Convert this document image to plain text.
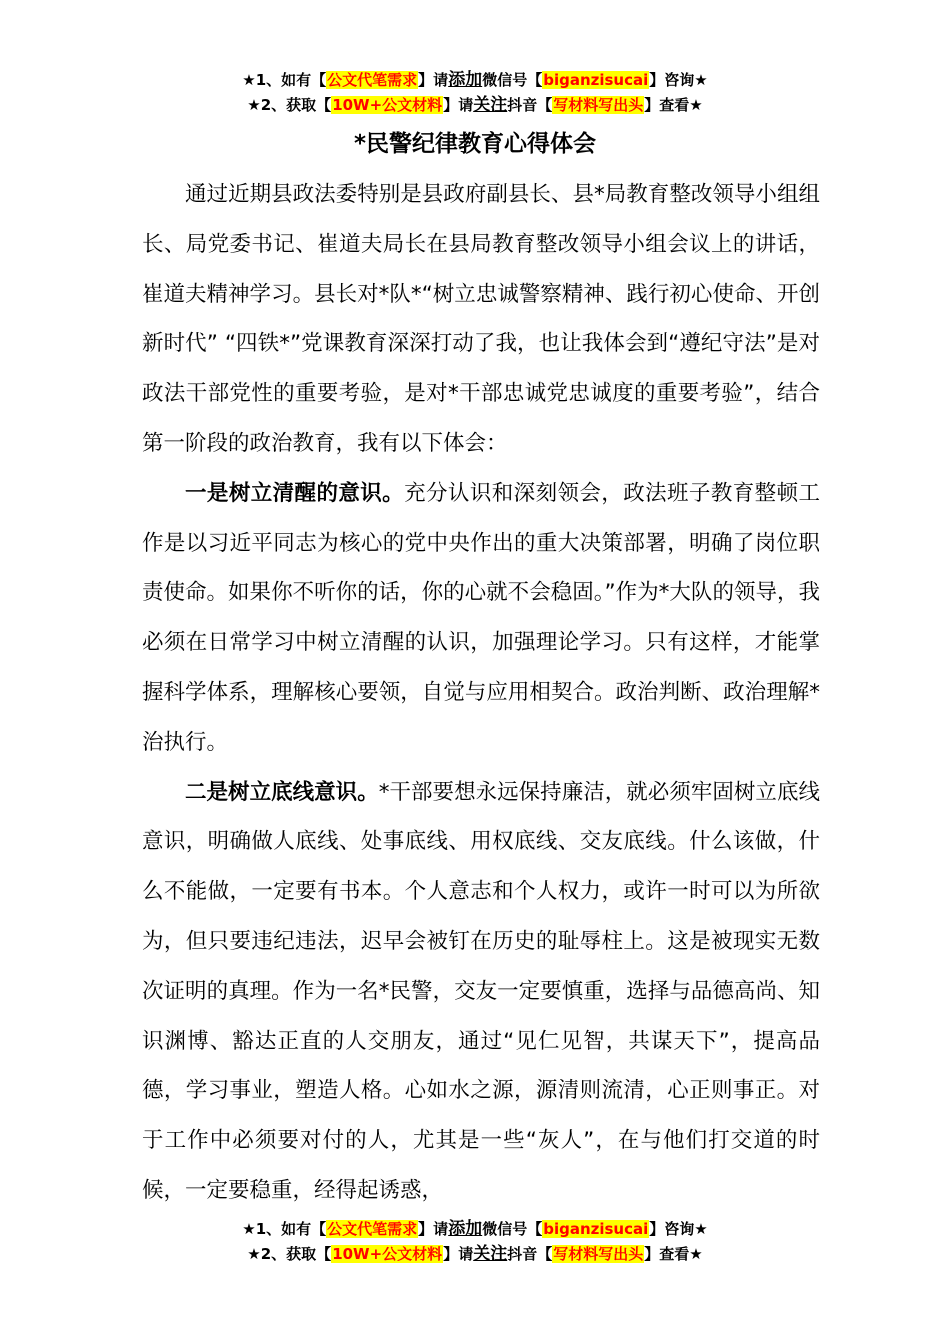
★1、如有【公文代笔需求】请添加微信号【biganzisucai】咨询★
★2、获取【10W+公文材料】请关注抖音【写材料写出头】查看★
*民警纪律教育心得体会

通过近期县政法委特别是县政府副县长、县*局教育整改领导小组组长、局党委书记、崔道夫局长在县局教育整改领导小组会议上的讲话，崔道夫精神学习。县长对*队*“树立忠诚警察精神、践行初心使命、开创新时代” “四铁*”党课教育深深打动了我，也让我体会到“遵纪守法”是对政法干部党性的重要考验，是对*干部忠诚党忠诚度的重要考验”，结合第一阶段的政治教育，我有以下体会：

一是树立清醒的意识。充分认识和深刻领会，政法班子教育整顿工作是以习近平同志为核心的党中央作出的重大决策部署，明确了岗位职责使命。如果你不听你的话，你的心就不会稳固。”作为*大队的领导，我必须在日常学习中树立清醒的认识，加强理论学习。只有这样，才能掌握科学体系，理解核心要领，自觉与应用相契合。政治判断、政治理解*治执行。

二是树立底线意识。*干部要想永远保持廉洁，就必须牢固树立底线意识，明确做人底线、处事底线、用权底线、交友底线。什么该做，什么不能做，一定要有书本。个人意志和个人权力，或许一时可以为所欲为，但只要违纪违法，迟早会被钉在历史的耻辱柱上。这是被现实无数次证明的真理。作为一名*民警，交友一定要慎重，选择与品德高尚、知识渊博、豁达正直的人交朋友，通过“见仁见智，共谋天下”，提高品德，学习事业，塑造人格。心如水之源，源清则流清，心正则事正。对于工作中必须要对付的人，尤其是一些“灰人”，在与他们打交道的时候，一定要稳重，经得起诱惑，

★1、如有【公文代笔需求】请添加微信号【biganzisucai】咨询★
★2、获取【10W+公文材料】请关注抖音【写材料写出头】查看★
